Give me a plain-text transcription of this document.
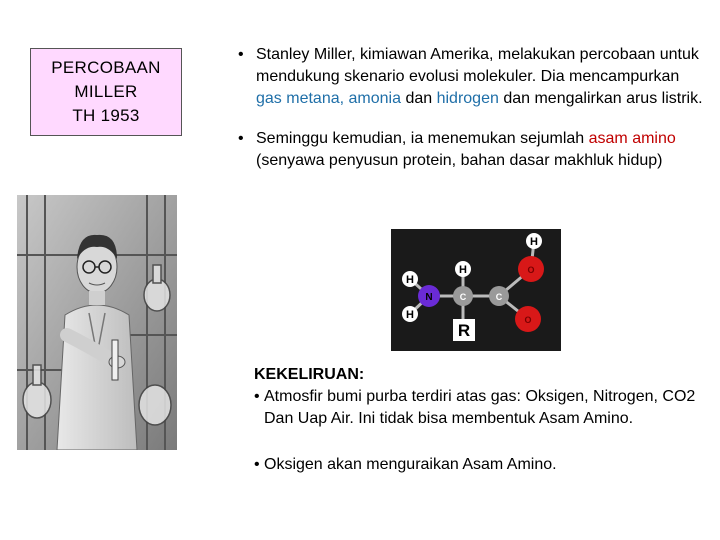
PERCOBAAN
MILLER
TH 1953
• Stanley Miller, kimiawan Amerika, melakukan percobaan untuk mendukung skenario evolusi molekuler. Dia mencampurkan gas metana, amonia dan hidrogen dan mengalirkan arus listrik.
• Seminggu kemudian, ia menemukan sejumlah asam amino (senyawa penyusun protein, bahan dasar makhluk hidup)
H
H
N
H
C	C
H
O
O
R
KEKELIRUAN:
• Atmosfir bumi purba terdiri atas gas: Oksigen, Nitrogen, CO2 Dan Uap Air. Ini tidak bisa membentuk Asam Amino.
• Oksigen akan menguraikan Asam Amino.
